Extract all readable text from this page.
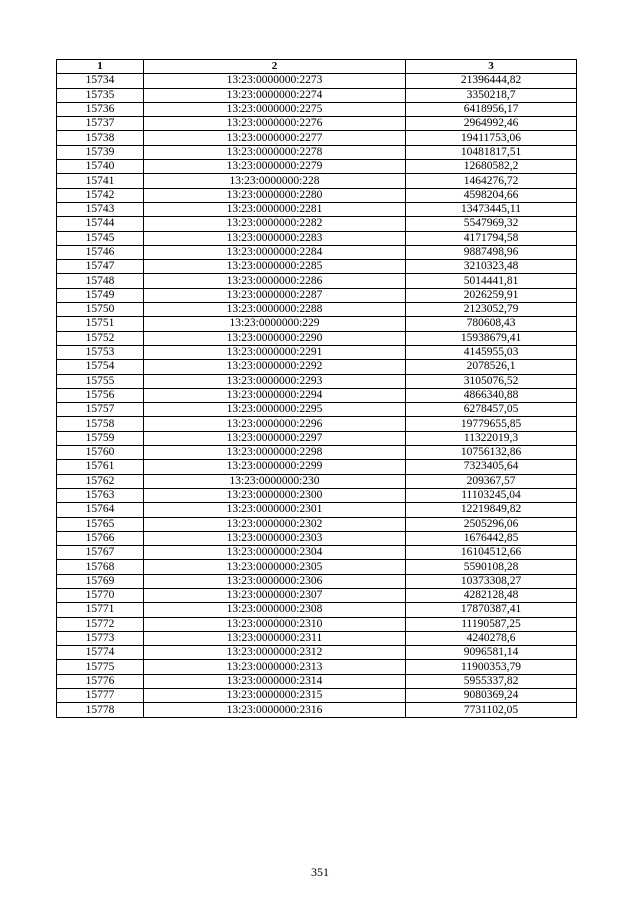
1	2	3
15734	13:23:0000000:2273	21396444,82
15735	13:23:0000000:2274	3350218,7
15736	13:23:0000000:2275	6418956,17
15737	13:23:0000000:2276	2964992,46
15738	13:23:0000000:2277	19411753,06
15739	13:23:0000000:2278	10481817,51
15740	13:23:0000000:2279	12680582,2
15741	13:23:0000000:228	1464276,72
15742	13:23:0000000:2280	4598204,66
15743	13:23:0000000:2281	13473445,11
15744	13:23:0000000:2282	5547969,32
15745	13:23:0000000:2283	4171794,58
15746	13:23:0000000:2284	9887498,96
15747	13:23:0000000:2285	3210323,48
15748	13:23:0000000:2286	5014441,81
15749	13:23:0000000:2287	2026259,91
15750	13:23:0000000:2288	2123052,79
15751	13:23:0000000:229	780608,43
15752	13:23:0000000:2290	15938679,41
15753	13:23:0000000:2291	4145955,03
15754	13:23:0000000:2292	2078526,1
15755	13:23:0000000:2293	3105076,52
15756	13:23:0000000:2294	4866340,88
15757	13:23:0000000:2295	6278457,05
15758	13:23:0000000:2296	19779655,85
15759	13:23:0000000:2297	11322019,3
15760	13:23:0000000:2298	10756132,86
15761	13:23:0000000:2299	7323405,64
15762	13:23:0000000:230	209367,57
15763	13:23:0000000:2300	11103245,04
15764	13:23:0000000:2301	12219849,82
15765	13:23:0000000:2302	2505296,06
15766	13:23:0000000:2303	1676442,85
15767	13:23:0000000:2304	16104512,66
15768	13:23:0000000:2305	5590108,28
15769	13:23:0000000:2306	10373308,27
15770	13:23:0000000:2307	4282128,48
15771	13:23:0000000:2308	17870387,41
15772	13:23:0000000:2310	11190587,25
15773	13:23:0000000:2311	4240278,6
15774	13:23:0000000:2312	9096581,14
15775	13:23:0000000:2313	11900353,79
15776	13:23:0000000:2314	5955337,82
15777	13:23:0000000:2315	9080369,24
15778	13:23:0000000:2316	7731102,05
351
